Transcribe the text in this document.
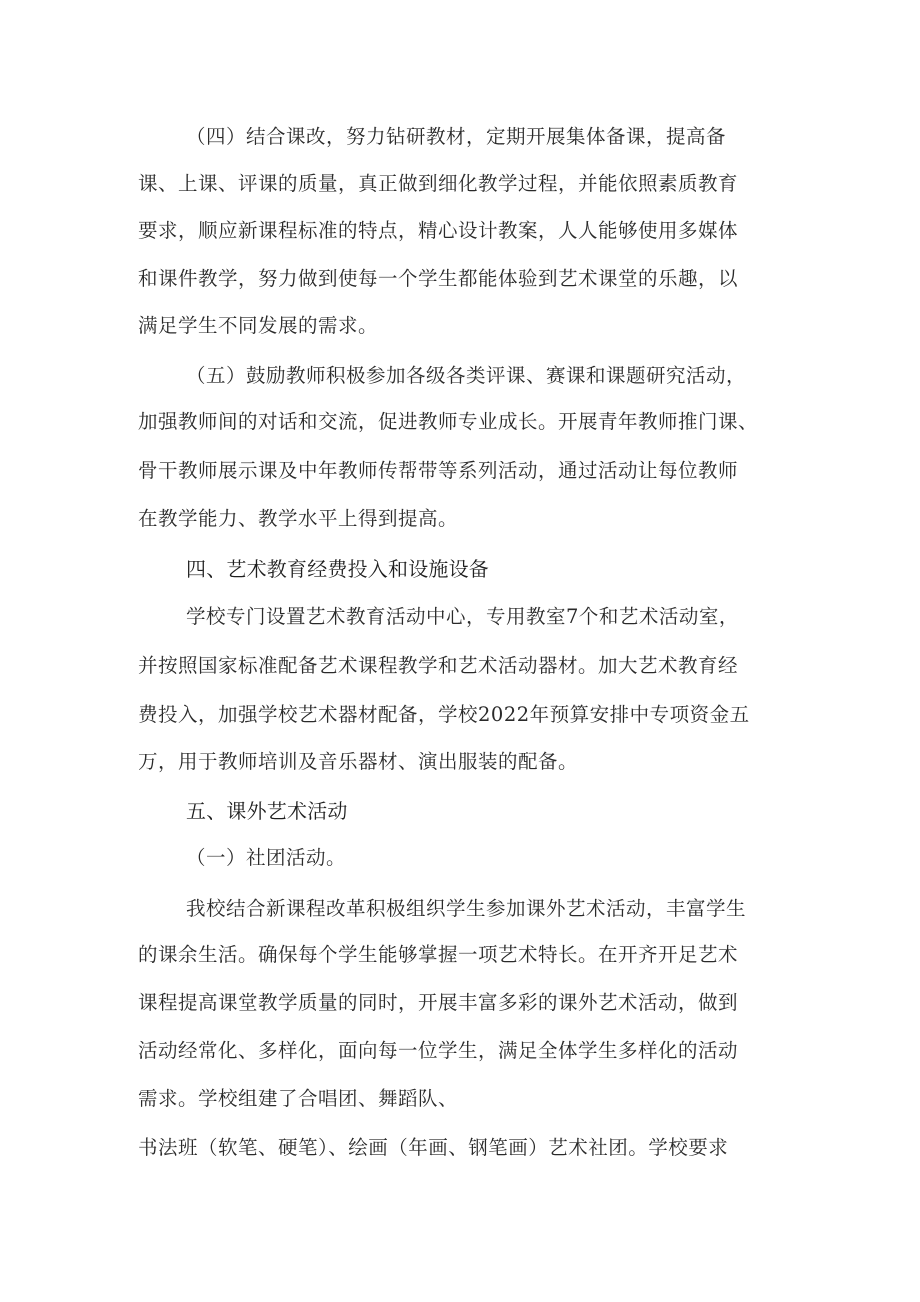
（四）结合课改，努力钻研教材，定期开展集体备课，提高备
课、上课、评课的质量，真正做到细化教学过程，并能依照素质教育
要求，顺应新课程标准的特点，精心设计教案，人人能够使用多媒体
和课件教学，努力做到使每一个学生都能体验到艺术课堂的乐趣，以
满足学生不同发展的需求。
（五）鼓励教师积极参加各级各类评课、赛课和课题研究活动，
加强教师间的对话和交流，促进教师专业成长。开展青年教师推门课、
骨干教师展示课及中年教师传帮带等系列活动，通过活动让每位教师
在教学能力、教学水平上得到提高。
四、艺术教育经费投入和设施设备
学校专门设置艺术教育活动中心，专用教室7个和艺术活动室，
并按照国家标准配备艺术课程教学和艺术活动器材。加大艺术教育经
费投入，加强学校艺术器材配备，学校2022年预算安排中专项资金五
万，用于教师培训及音乐器材、演出服装的配备。
五、课外艺术活动
（一）社团活动。
我校结合新课程改革积极组织学生参加课外艺术活动，丰富学生
的课余生活。确保每个学生能够掌握一项艺术特长。在开齐开足艺术
课程提高课堂教学质量的同时，开展丰富多彩的课外艺术活动，做到
活动经常化、多样化，面向每一位学生，满足全体学生多样化的活动
需求。学校组建了合唱团、舞蹈队、
书法班（软笔、硬笔）、绘画（年画、钢笔画）艺术社团。学校要求
